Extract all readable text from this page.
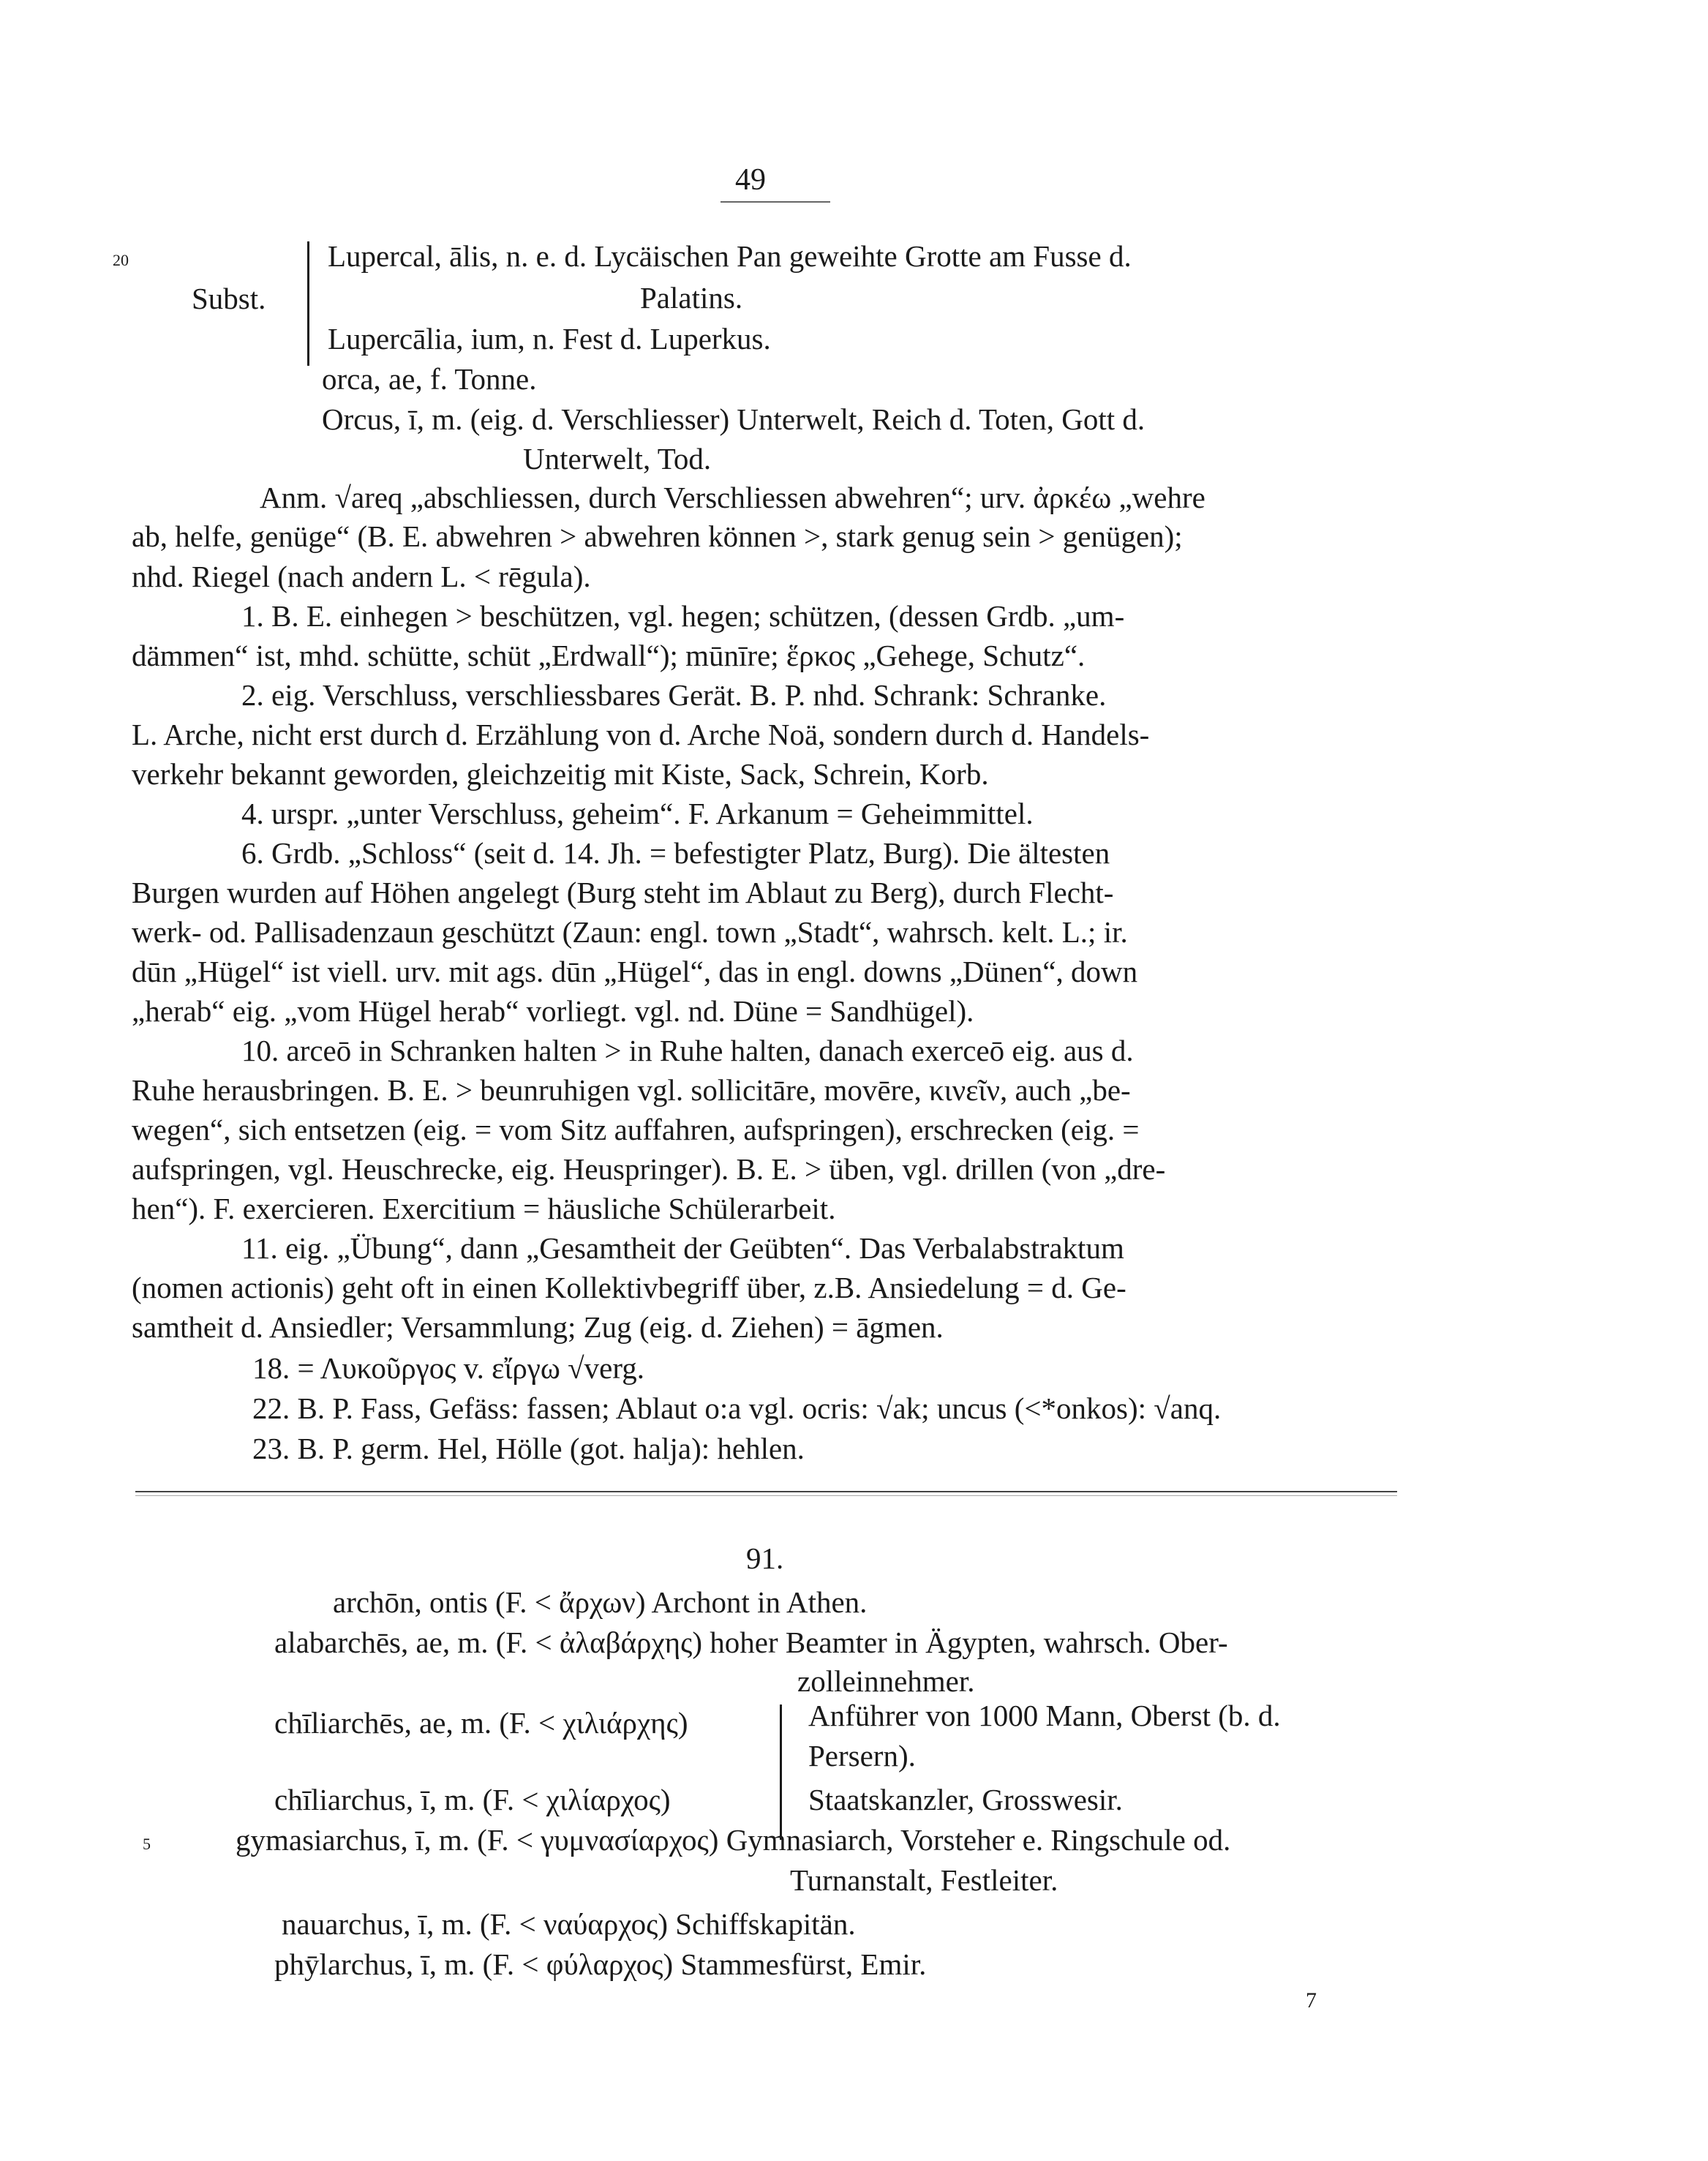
49
20
Subst.
Lupercal, ālis, n. e. d. Lycäischen Pan geweihte Grotte am Fusse d.
Palatins.
Lupercālia, ium, n. Fest d. Luperkus.
orca, ae, f. Tonne.
Orcus, ī, m. (eig. d. Verschliesser) Unterwelt, Reich d. Toten, Gott d.
Unterwelt, Tod.
Anm. √areq „abschliessen, durch Verschliessen abwehren“; urv. ἀρκέω „wehre
ab, helfe, genüge“ (B. E. abwehren > abwehren können >, stark genug sein > genügen);
nhd. Riegel (nach andern L. < rēgula).
1. B. E. einhegen > beschützen, vgl. hegen; schützen, (dessen Grdb. „um-
dämmen“ ist, mhd. schütte, schüt „Erdwall“); mūnīre; ἕρκος „Gehege, Schutz“.
2. eig. Verschluss, verschliessbares Gerät. B. P. nhd. Schrank: Schranke.
L. Arche, nicht erst durch d. Erzählung von d. Arche Noä, sondern durch d. Handels-
verkehr bekannt geworden, gleichzeitig mit Kiste, Sack, Schrein, Korb.
4. urspr. „unter Verschluss, geheim“. F. Arkanum = Geheimmittel.
6. Grdb. „Schloss“ (seit d. 14. Jh. = befestigter Platz, Burg). Die ältesten
Burgen wurden auf Höhen angelegt (Burg steht im Ablaut zu Berg), durch Flecht-
werk- od. Pallisadenzaun geschützt (Zaun: engl. town „Stadt“, wahrsch. kelt. L.; ir.
dūn „Hügel“ ist viell. urv. mit ags. dūn „Hügel“, das in engl. downs „Dünen“, down
„herab“ eig. „vom Hügel herab“ vorliegt. vgl. nd. Düne = Sandhügel).
10. arceō in Schranken halten > in Ruhe halten, danach exerceō eig. aus d.
Ruhe herausbringen. B. E. > beunruhigen vgl. sollicitāre, movēre, κινεῖν, auch „be-
wegen“, sich entsetzen (eig. = vom Sitz auffahren, aufspringen), erschrecken (eig. =
aufspringen, vgl. Heuschrecke, eig. Heuspringer). B. E. > üben, vgl. drillen (von „dre-
hen“). F. exercieren. Exercitium = häusliche Schülerarbeit.
11. eig. „Übung“, dann „Gesamtheit der Geübten“. Das Verbalabstraktum
(nomen actionis) geht oft in einen Kollektivbegriff über, z.B. Ansiedelung = d. Ge-
samtheit d. Ansiedler; Versammlung; Zug (eig. d. Ziehen) = āgmen.
18. = Λυκοῦργος v. εἴργω √verg.
22. B. P. Fass, Gefäss: fassen; Ablaut o:a vgl. ocris: √ak; uncus (<*onkos): √anq.
23. B. P. germ. Hel, Hölle (got. halja): hehlen.
91.
archōn, ontis (F. < ἄρχων) Archont in Athen.
alabarchēs, ae, m. (F. < ἀλαβάρχης) hoher Beamter in Ägypten, wahrsch. Ober-
zolleinnehmer.
chīliarchēs, ae, m. (F. < χιλιάρχης)	Anführer von 1000 Mann, Oberst (b. d.
Persern).
chīliarchus, ī, m. (F. < χιλίαρχος)	Staatskanzler, Grosswesir.
5	gymasiarchus, ī, m. (F. < γυμνασίαρχος) Gymnasiarch, Vorsteher e. Ringschule od.
Turnanstalt, Festleiter.
nauarchus, ī, m. (F. < ναύαρχος) Schiffskapitän.
phȳlarchus, ī, m. (F. < φύλαρχος) Stammesfürst, Emir.
7
